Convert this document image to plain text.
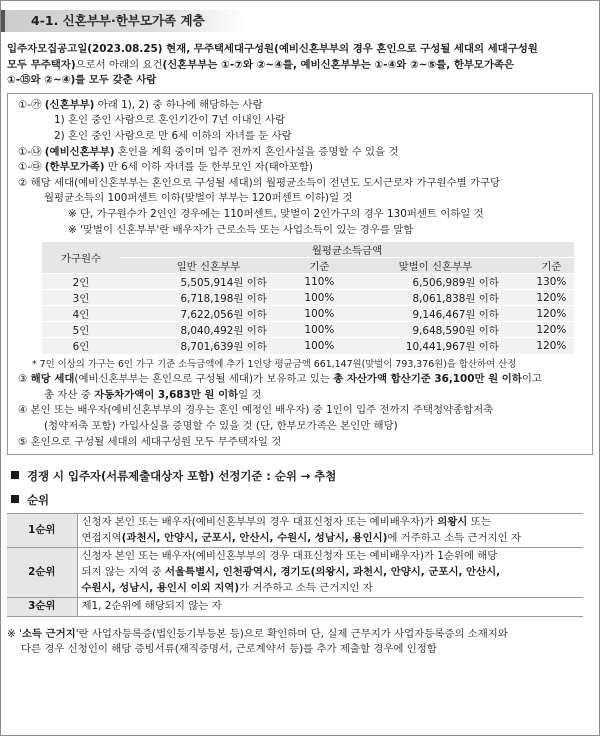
4-1. 신혼부부·한부모가족 계층
입주자모집공고일(2023.08.25) 현재, 무주택세대구성원(예비신혼부부의 경우 혼인으로 구성될 세대의 세대구성원
모두 무주택자)으로서 아래의 요건(신혼부부는 ①-⑦와 ②~④를, 예비신혼부부는 ①-④와 ②~⑤를, 한부모가족은
①-⑮와 ②~④)를 모두 갖춘 사람
①-㉮ (신혼부부) 아래 1), 2) 중 하나에 해당하는 사람
1) 혼인 중인 사람으로 혼인기간이 7년 이내인 사람
2) 혼인 중인 사람으로 만 6세 이하의 자녀를 둔 사람
①-㉯ (예비신혼부부) 혼인을 계획 중이며 입주 전까지 혼인사실을 증명할 수 있을 것
①-㉰ (한부모가족) 만 6세 이하 자녀를 둔 한부모인 자(태아포함)
② 해당 세대(예비신혼부부는 혼인으로 구성될 세대)의 월평균소득이 전년도 도시근로자 가구원수별 가구당
월평균소득의 100퍼센트 이하(맞벌이 부부는 120퍼센트 이하)일 것
※ 단, 가구원수가 2인인 경우에는 110퍼센트, 맞벌이 2인가구의 경우 130퍼센트 이하일 것
※ '맞벌이 신혼부부'란 배우자가 근로소득 또는 사업소득이 있는 경우를 말함
가구원수	월평균소득금액			
	일반 신혼부부	기준	맞벌이 신혼부부	기준
2인	5,505,914원 이하	110%	6,506,989원 이하	130%
3인	6,718,198원 이하	100%	8,061,838원 이하	120%
4인	7,622,056원 이하	100%	9,146,467원 이하	120%
5인	8,040,492원 이하	100%	9,648,590원 이하	120%
6인	8,701,639원 이하	100%	10,441,967원 이하	120%
* 7인 이상의 가구는 6인 가구 기준 소득금액에 추가 1인당 평균금액 661,147원(맞벌이 793,376원)을 합산하여 산정
③ 해당 세대(예비신혼부부는 혼인으로 구성될 세대)가 보유하고 있는 총 자산가액 합산기준 36,100만 원 이하이고
총 자산 중 자동차가액이 3,683만 원 이하일 것
④ 본인 또는 배우자(예비신혼부부의 경우는 혼인 예정인 배우자) 중 1인이 입주 전까지 주택청약종합저축
(청약저축 포함) 가입사실을 증명할 수 있을 것 (단, 한부모가족은 본인만 해당)
⑤ 혼인으로 구성될 세대의 세대구성원 모두 무주택자일 것
경쟁 시 입주자(서류제출대상자 포함) 선정기준 : 순위 → 추첨
순위
1순위	신청자 본인 또는 배우자(예비신혼부부의 경우 대표신청자 또는 예비배우자)가 의왕시 또는
연접지역(과천시, 안양시, 군포시, 안산시, 수원시, 성남시, 용인시)에 거주하고 소득 근거지인 자

2순위	신청자 본인 또는 배우자(예비신혼부부의 경우 대표신청자 또는 예비배우자)가 1순위에 해당
되지 않는 지역 중 서울특별시, 인천광역시, 경기도(의왕시, 과천시, 안양시, 군포시, 안산시,
수원시, 성남시, 용인시 이외 지역)가 거주하고 소득 근거지인 자

3순위	제1, 2순위에 해당되지 않는 자
※ '소득 근거지'란 사업자등록증(법인등기부등본 등)으로 확인하며 단, 실제 근무지가 사업자등록증의 소재지와
다른 경우 신청인이 해당 증빙서류(재직증명서, 근로계약서 등)를 추가 제출할 경우에 인정함
